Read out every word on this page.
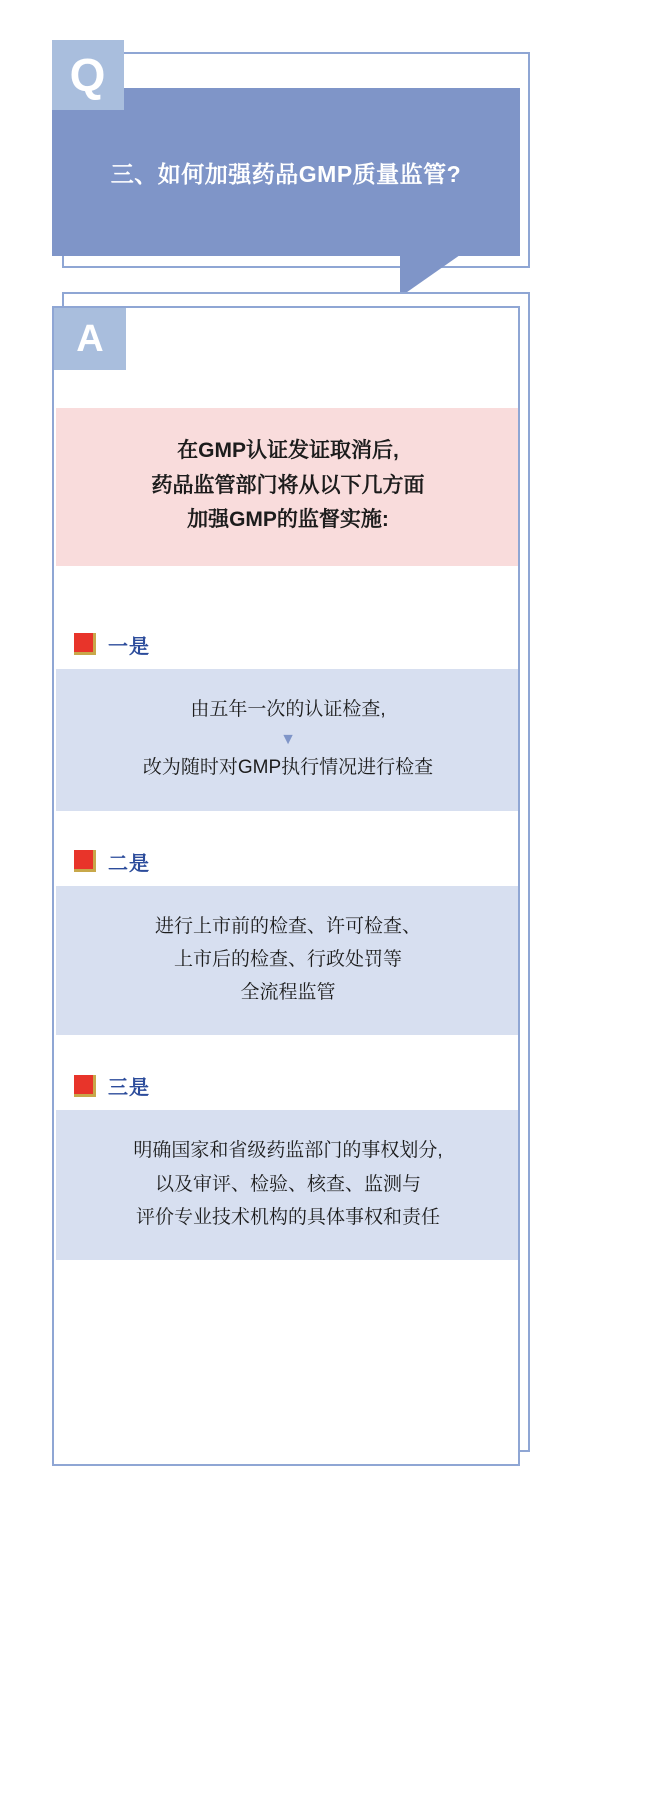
Q
三、如何加强药品GMP质量监管?
在GMP认证发证取消后,
药品监管部门将从以下几方面
加强GMP的监督实施:
一是
由五年一次的认证检查,
▼
改为随时对GMP执行情况进行检查
二是
进行上市前的检查、许可检查、
上市后的检查、行政处罚等
全流程监管
三是
明确国家和省级药监部门的事权划分,
以及审评、检验、核查、监测与
评价专业技术机构的具体事权和责任
A
